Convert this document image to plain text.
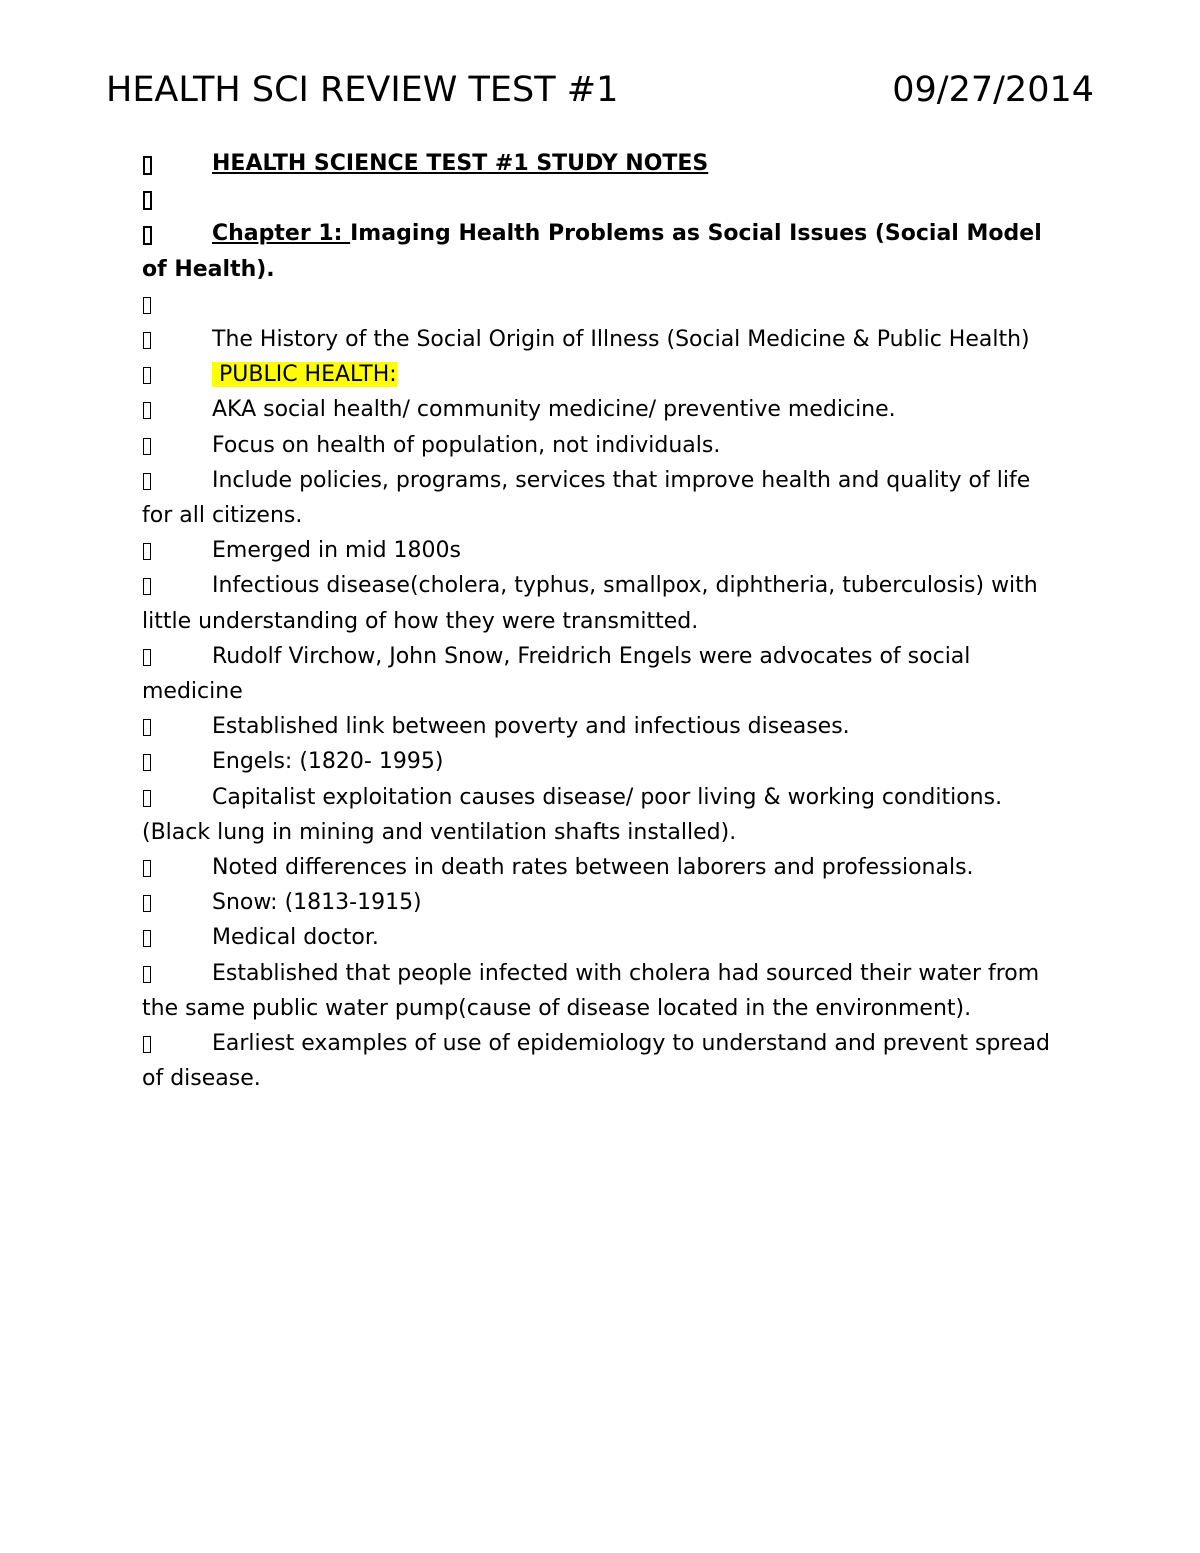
HEALTH SCI REVIEW TEST #1	09/27/2014

HEALTH SCIENCE TEST #1 STUDY NOTES

Chapter 1: Imaging Health Problems as Social Issues (Social Model of Health).

The History of the Social Origin of Illness (Social Medicine & Public Health)

PUBLIC HEALTH:

AKA social health/ community medicine/ preventive medicine.

Focus on health of population, not individuals.

Include policies, programs, services that improve health and quality of life for all citizens.

Emerged in mid 1800s

Infectious disease(cholera, typhus, smallpox, diphtheria, tuberculosis) with little understanding of how they were transmitted.

Rudolf Virchow, John Snow, Freidrich Engels were advocates of social medicine

Established link between poverty and infectious diseases.

Engels: (1820- 1995)

Capitalist exploitation causes disease/ poor living & working conditions. (Black lung in mining and ventilation shafts installed).

Noted differences in death rates between laborers and professionals.

Snow: (1813-1915)

Medical doctor.

Established that people infected with cholera had sourced their water from the same public water pump(cause of disease located in the environment).

Earliest examples of use of epidemiology to understand and prevent spread of disease.
